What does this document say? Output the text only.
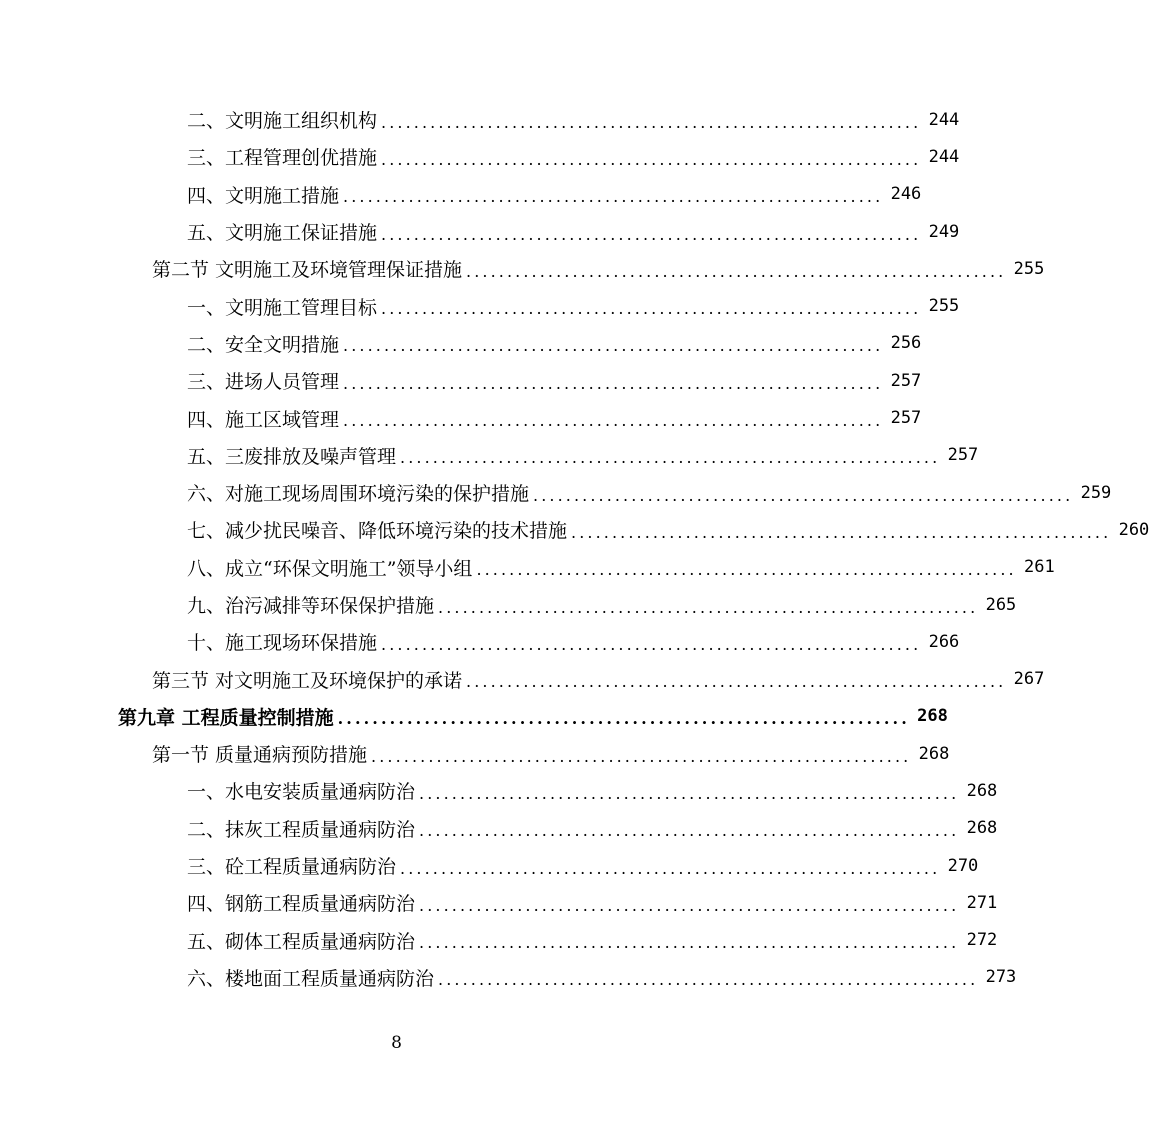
二、文明施工组织机构 .................................................................. 244
三、工程管理创优措施 .................................................................. 244
四、文明施工措施 .................................................................. 246
五、文明施工保证措施 .................................................................. 249
第二节 文明施工及环境管理保证措施 .................................................................. 255
一、文明施工管理目标 .................................................................. 255
二、安全文明措施 .................................................................. 256
三、进场人员管理 .................................................................. 257
四、施工区域管理 .................................................................. 257
五、三废排放及噪声管理 .................................................................. 257
六、对施工现场周围环境污染的保护措施 .................................................................. 259
七、减少扰民噪音、降低环境污染的技术措施 .................................................................. 260
八、成立“环保文明施工”领导小组 .................................................................. 261
九、治污减排等环保保护措施 .................................................................. 265
十、施工现场环保措施 .................................................................. 266
第三节 对文明施工及环境保护的承诺 .................................................................. 267
第九章 工程质量控制措施 .................................................................. 268
第一节 质量通病预防措施 .................................................................. 268
一、水电安装质量通病防治 .................................................................. 268
二、抹灰工程质量通病防治 .................................................................. 268
三、砼工程质量通病防治 .................................................................. 270
四、钢筋工程质量通病防治 .................................................................. 271
五、砌体工程质量通病防治 .................................................................. 272
六、楼地面工程质量通病防治 .................................................................. 273
8
